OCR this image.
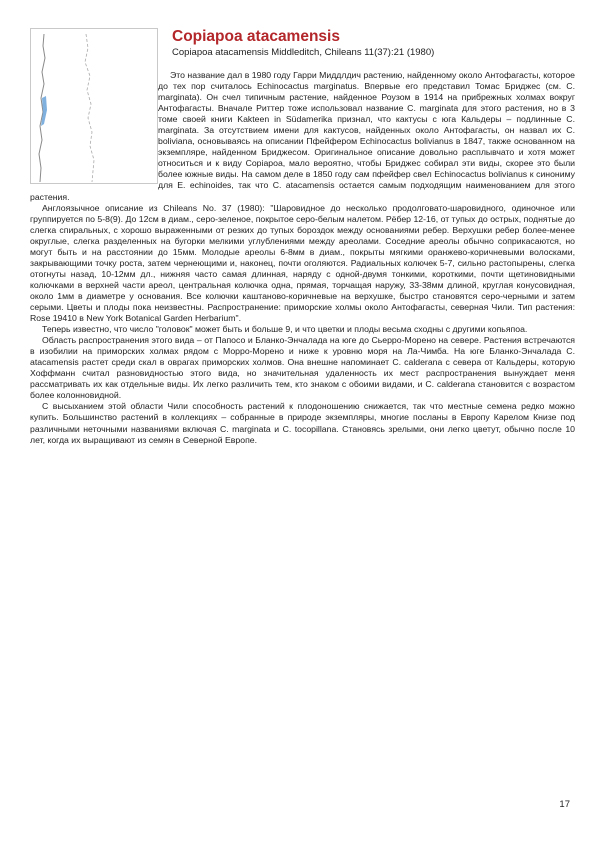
Copiapoa atacamensis
Copiapoa atacamensis Middleditch, Chileans 11(37):21 (1980)

Это название дал в 1980 году Гарри Миддлдич растению, найденному около Антофагасты, которое до тех пор считалось Echinocactus marginatus. Впервые его представил Томас Бриджес (см. C. marginata). Он счел типичным растение, найденное Роузом в 1914 на прибрежных холмах вокруг Антофагасты. Вначале Риттер тоже использовал название C. marginata для этого растения, но в 3 томе своей книги Kakteen in Südamerika признал, что кактусы с юга Кальдеры – подлинные C. marginata. За отсутствием имени для кактусов, найденных около Антофагасты, он назвал их C. boliviana, основываясь на описании Пфейфером Echinocactus bolivianus в 1847, также основанном на экземпляре, найденном Бриджесом. Оригинальное описание довольно расплывчато и хотя может относиться и к виду Copiapoa, мало вероятно, чтобы Бриджес собирал эти виды, скорее это были более южные виды. На самом деле в 1850 году сам пфейфер свел Echinocactus bolivianus к синониму для E. echinoides, так что C. atacamensis остается самым подходящим наименованием для этого растения.

Англоязычное описание из Chileans No. 37 (1980): "Шаровидное до несколько продолговато-шаровидного, одиночное или группируется по 5-8(9). До 12см в диам., серо-зеленое, покрытое серо-белым налетом. Рёбер 12-16, от тупых до острых, поднятые до слегка спиральных, с хорошо выраженными от резких до тупых бороздок между основаниями ребер. Верхушки ребер более-менее округлые, слегка разделенных на бугорки мелкими углублениями между ареолами. Соседние ареолы обычно соприкасаются, но могут быть и на расстоянии до 15мм. Молодые ареолы 6-8мм в диам., покрыты мягкими оранжево-коричневыми волосками, закрывающими точку роста, затем чернеющими и, наконец, почти оголяются. Радиальных колючек 5-7, сильно растопырены, слегка отогнуты назад, 10-12мм дл., нижняя часто самая длинная, наряду с одной-двумя тонкими, короткими, почти щетиновидными колючками в верхней части ареол, центральная колючка одна, прямая, торчащая наружу, 33-38мм длиной, круглая конусовидная, около 1мм в диаметре у основания. Все колючки каштаново-коричневые на верхушке, быстро становятся серо-черными и затем серыми. Цветы и плоды пока неизвестны. Распространение: приморские холмы около Антофагасты, северная Чили. Тип растения: Rose 19410 в New York Botanical Garden Herbarium".

Теперь известно, что число "головок" может быть и больше 9, и что цветки и плоды весьма сходны с другими копьяпоа.

Область распространения этого вида – от Папосо и Бланко-Энчалада на юге до Сьерро-Морено на севере. Растения встречаются в изобилии на приморских холмах рядом с Морро-Морено и ниже к уровню моря на Ла-Чимба. На юге Бланко-Энчалада C. atacamensis растет среди скал в оврагах приморских холмов. Она внешне напоминает C. calderana с севера от Кальдеры, которую Хоффманн считал разновидностью этого вида, но значительная удаленность их мест распространения вынуждает меня рассматривать их как отдельные виды. Их легко различить тем, кто знаком с обоими видами, и C. calderana становится с возрастом более колонновидной.

С высыханием этой области Чили способность растений к плодоношению снижается, так что местные семена редко можно купить. Большинство растений в коллекциях – собранные в природе экземпляры, многие посланы в Европу Карелом Книзе под различными неточными названиями включая C. marginata и C. tocopillana. Становясь зрелыми, они легко цветут, обычно после 10 лет, когда их выращивают из семян в Северной Европе.

17
